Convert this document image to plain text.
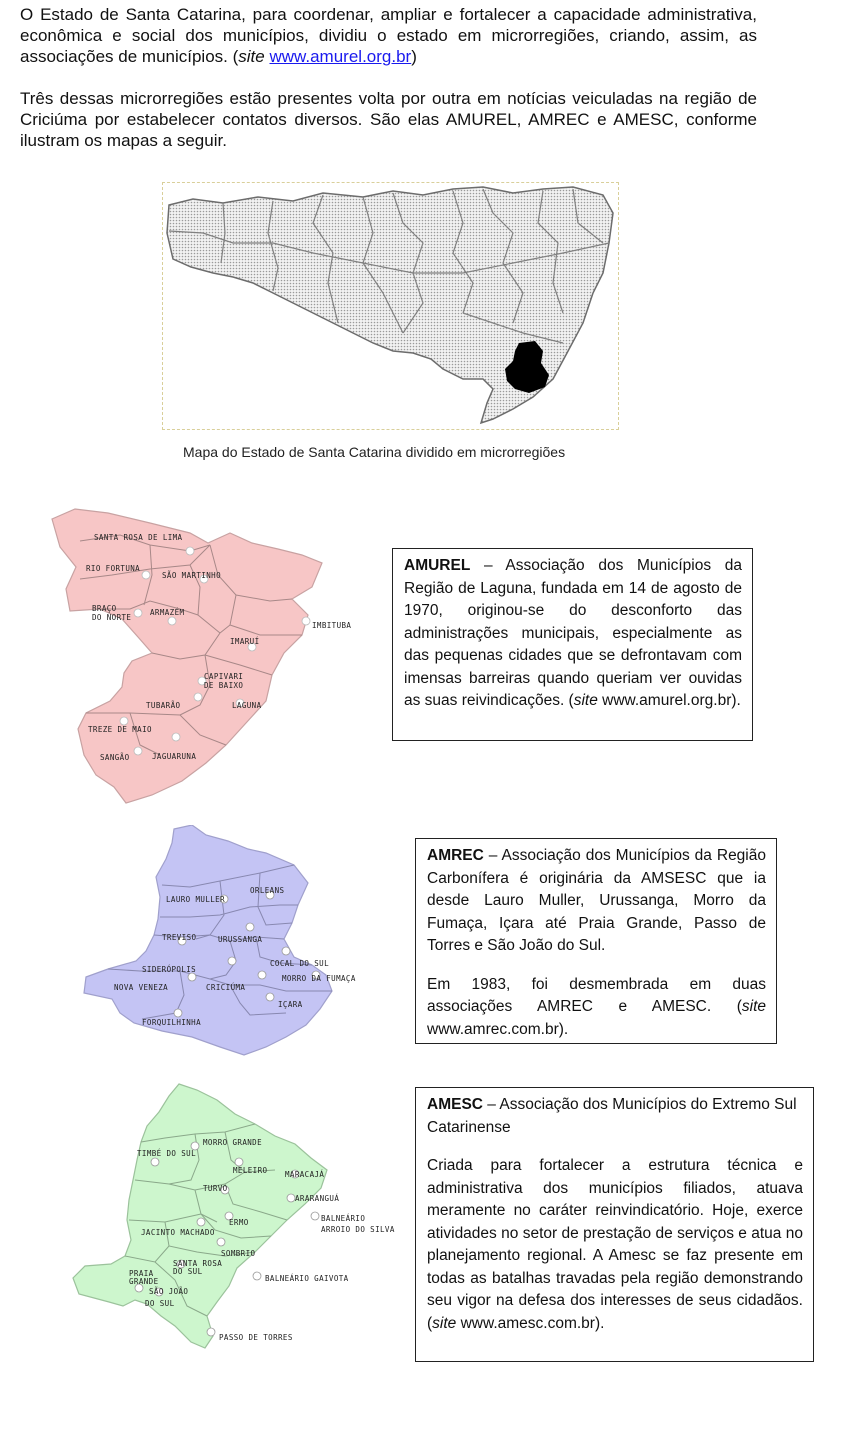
O Estado de Santa Catarina, para coordenar, ampliar e fortalecer a capacidade administrativa, econômica e social dos municípios, dividiu o estado em microrregiões, criando, assim, as associações de municípios. (site www.amurel.org.br)

Três dessas microrregiões estão presentes volta por outra em notícias veiculadas na região de Criciúma por estabelecer contatos diversos. São elas AMUREL, AMREC e AMESC, conforme ilustram os mapas a seguir.

Mapa do Estado de Santa Catarina dividido em microrregiões
SANTA ROSA DE LIMA
RIO FORTUNA
SÃO MARTINHO
BRAÇO
DO NORTE
ARMAZÉM
IMBITUBA
IMARUÍ
CAPIVARI
DE BAIXO
TUBARÃO	LAGUNA
TREZE DE MAIO
SANGÃO	JAGUARUNA

AMUREL – Associação dos Municípios da Região de Laguna, fundada em 14 de agosto de 1970, originou-se do desconforto das administrações municipais, especialmente as das pequenas cidades que se defrontavam com imensas barreiras quando queriam ver ouvidas as suas reivindicações. (site www.amurel.org.br).

ORLEANS
LAURO MULLER
TREVISO	URUSSANGA
COCAL DO SUL
SIDERÓPOLIS
MORRO DA FUMAÇA
NOVA VENEZA	CRICIÚMA
IÇARA
FORQUILHINHA

AMREC – Associação dos Municípios da Região Carbonífera é originária da AMSESC que ia desde Lauro Muller, Urussanga, Morro da Fumaça, Içara até Praia Grande, Passo de Torres e São João do Sul.

Em 1983, foi desmembrada em duas associações AMREC e AMESC. (site www.amrec.com.br).

MORRO GRANDE
TIMBÉ DO SUL
MELEIRO MARACAJÁ
TURVO
ARARANGUÁ
BALNEÁRIO
ARROIO DO SILVA
ERMO
JACINTO MACHADO
SOMBRIO
SANTA ROSA
DO SUL
BALNEÁRIO GAIVOTA
PRAIA
GRANDE
SÃO JOÃO
DO SUL
PASSO DE TORRES

AMESC – Associação dos Municípios do Extremo Sul Catarinense

Criada para fortalecer a estrutura técnica e administrativa dos municípios filiados, atuava meramente no caráter reinvindicatório. Hoje, exerce atividades no setor de prestação de serviços e atua no planejamento regional. A Amesc se faz presente em todas as batalhas travadas pela região demonstrando seu vigor na defesa dos interesses de seus cidadãos. (site www.amesc.com.br).
